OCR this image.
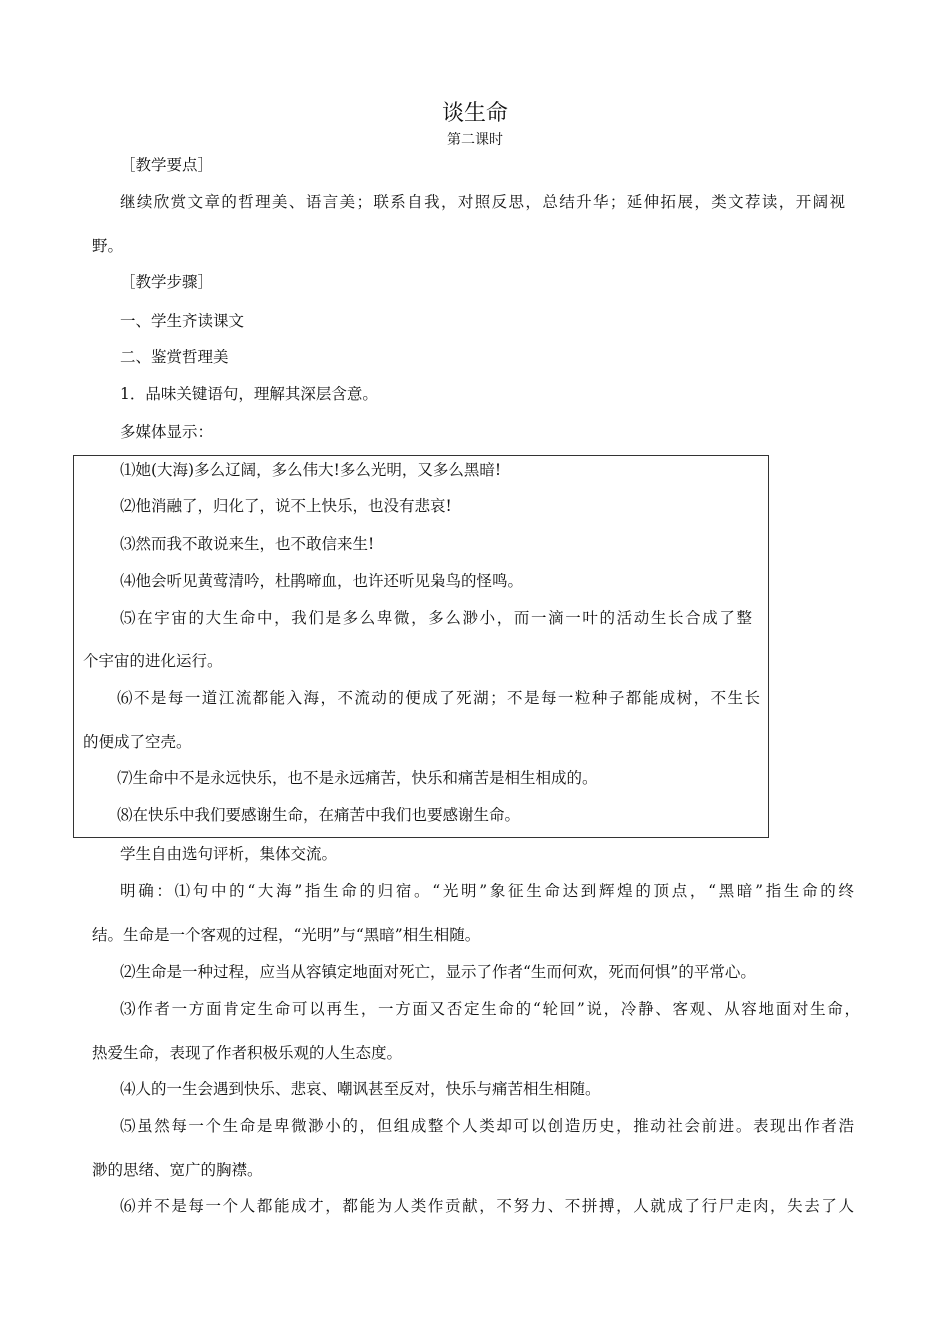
谈生命
第二课时
［教学要点］
继续欣赏文章的哲理美、语言美；联系自我，对照反思，总结升华；延伸拓展，类文荐读，开阔视
野。
［教学步骤］
一、学生齐读课文
二、鉴赏哲理美
1．品味关键语句，理解其深层含意。
多媒体显示：
⑴她(大海)多么辽阔，多么伟大!多么光明，又多么黑暗!
⑵他消融了，归化了，说不上快乐，也没有悲哀!
⑶然而我不敢说来生，也不敢信来生!
⑷他会听见黄莺清吟，杜鹃啼血，也许还听见枭鸟的怪鸣。
⑸在宇宙的大生命中，我们是多么卑微，多么渺小，而一滴一叶的活动生长合成了整
个宇宙的进化运行。
⑹不是每一道江流都能入海，不流动的便成了死湖；不是每一粒种子都能成树，不生长
的便成了空壳。
⑺生命中不是永远快乐，也不是永远痛苦，快乐和痛苦是相生相成的。
⑻在快乐中我们要感谢生命，在痛苦中我们也要感谢生命。
学生自由选句评析，集体交流。
明确：⑴句中的“大海”指生命的归宿。“光明”象征生命达到辉煌的顶点，“黑暗”指生命的终
结。生命是一个客观的过程，“光明”与“黑暗”相生相随。
⑵生命是一种过程，应当从容镇定地面对死亡，显示了作者“生而何欢，死而何惧”的平常心。
⑶作者一方面肯定生命可以再生，一方面又否定生命的“轮回”说，冷静、客观、从容地面对生命，
热爱生命，表现了作者积极乐观的人生态度。
⑷人的一生会遇到快乐、悲哀、嘲讽甚至反对，快乐与痛苦相生相随。
⑸虽然每一个生命是卑微渺小的，但组成整个人类却可以创造历史，推动社会前进。表现出作者浩
渺的思绪、宽广的胸襟。
⑹并不是每一个人都能成才，都能为人类作贡献，不努力、不拼搏，人就成了行尸走肉，失去了人
